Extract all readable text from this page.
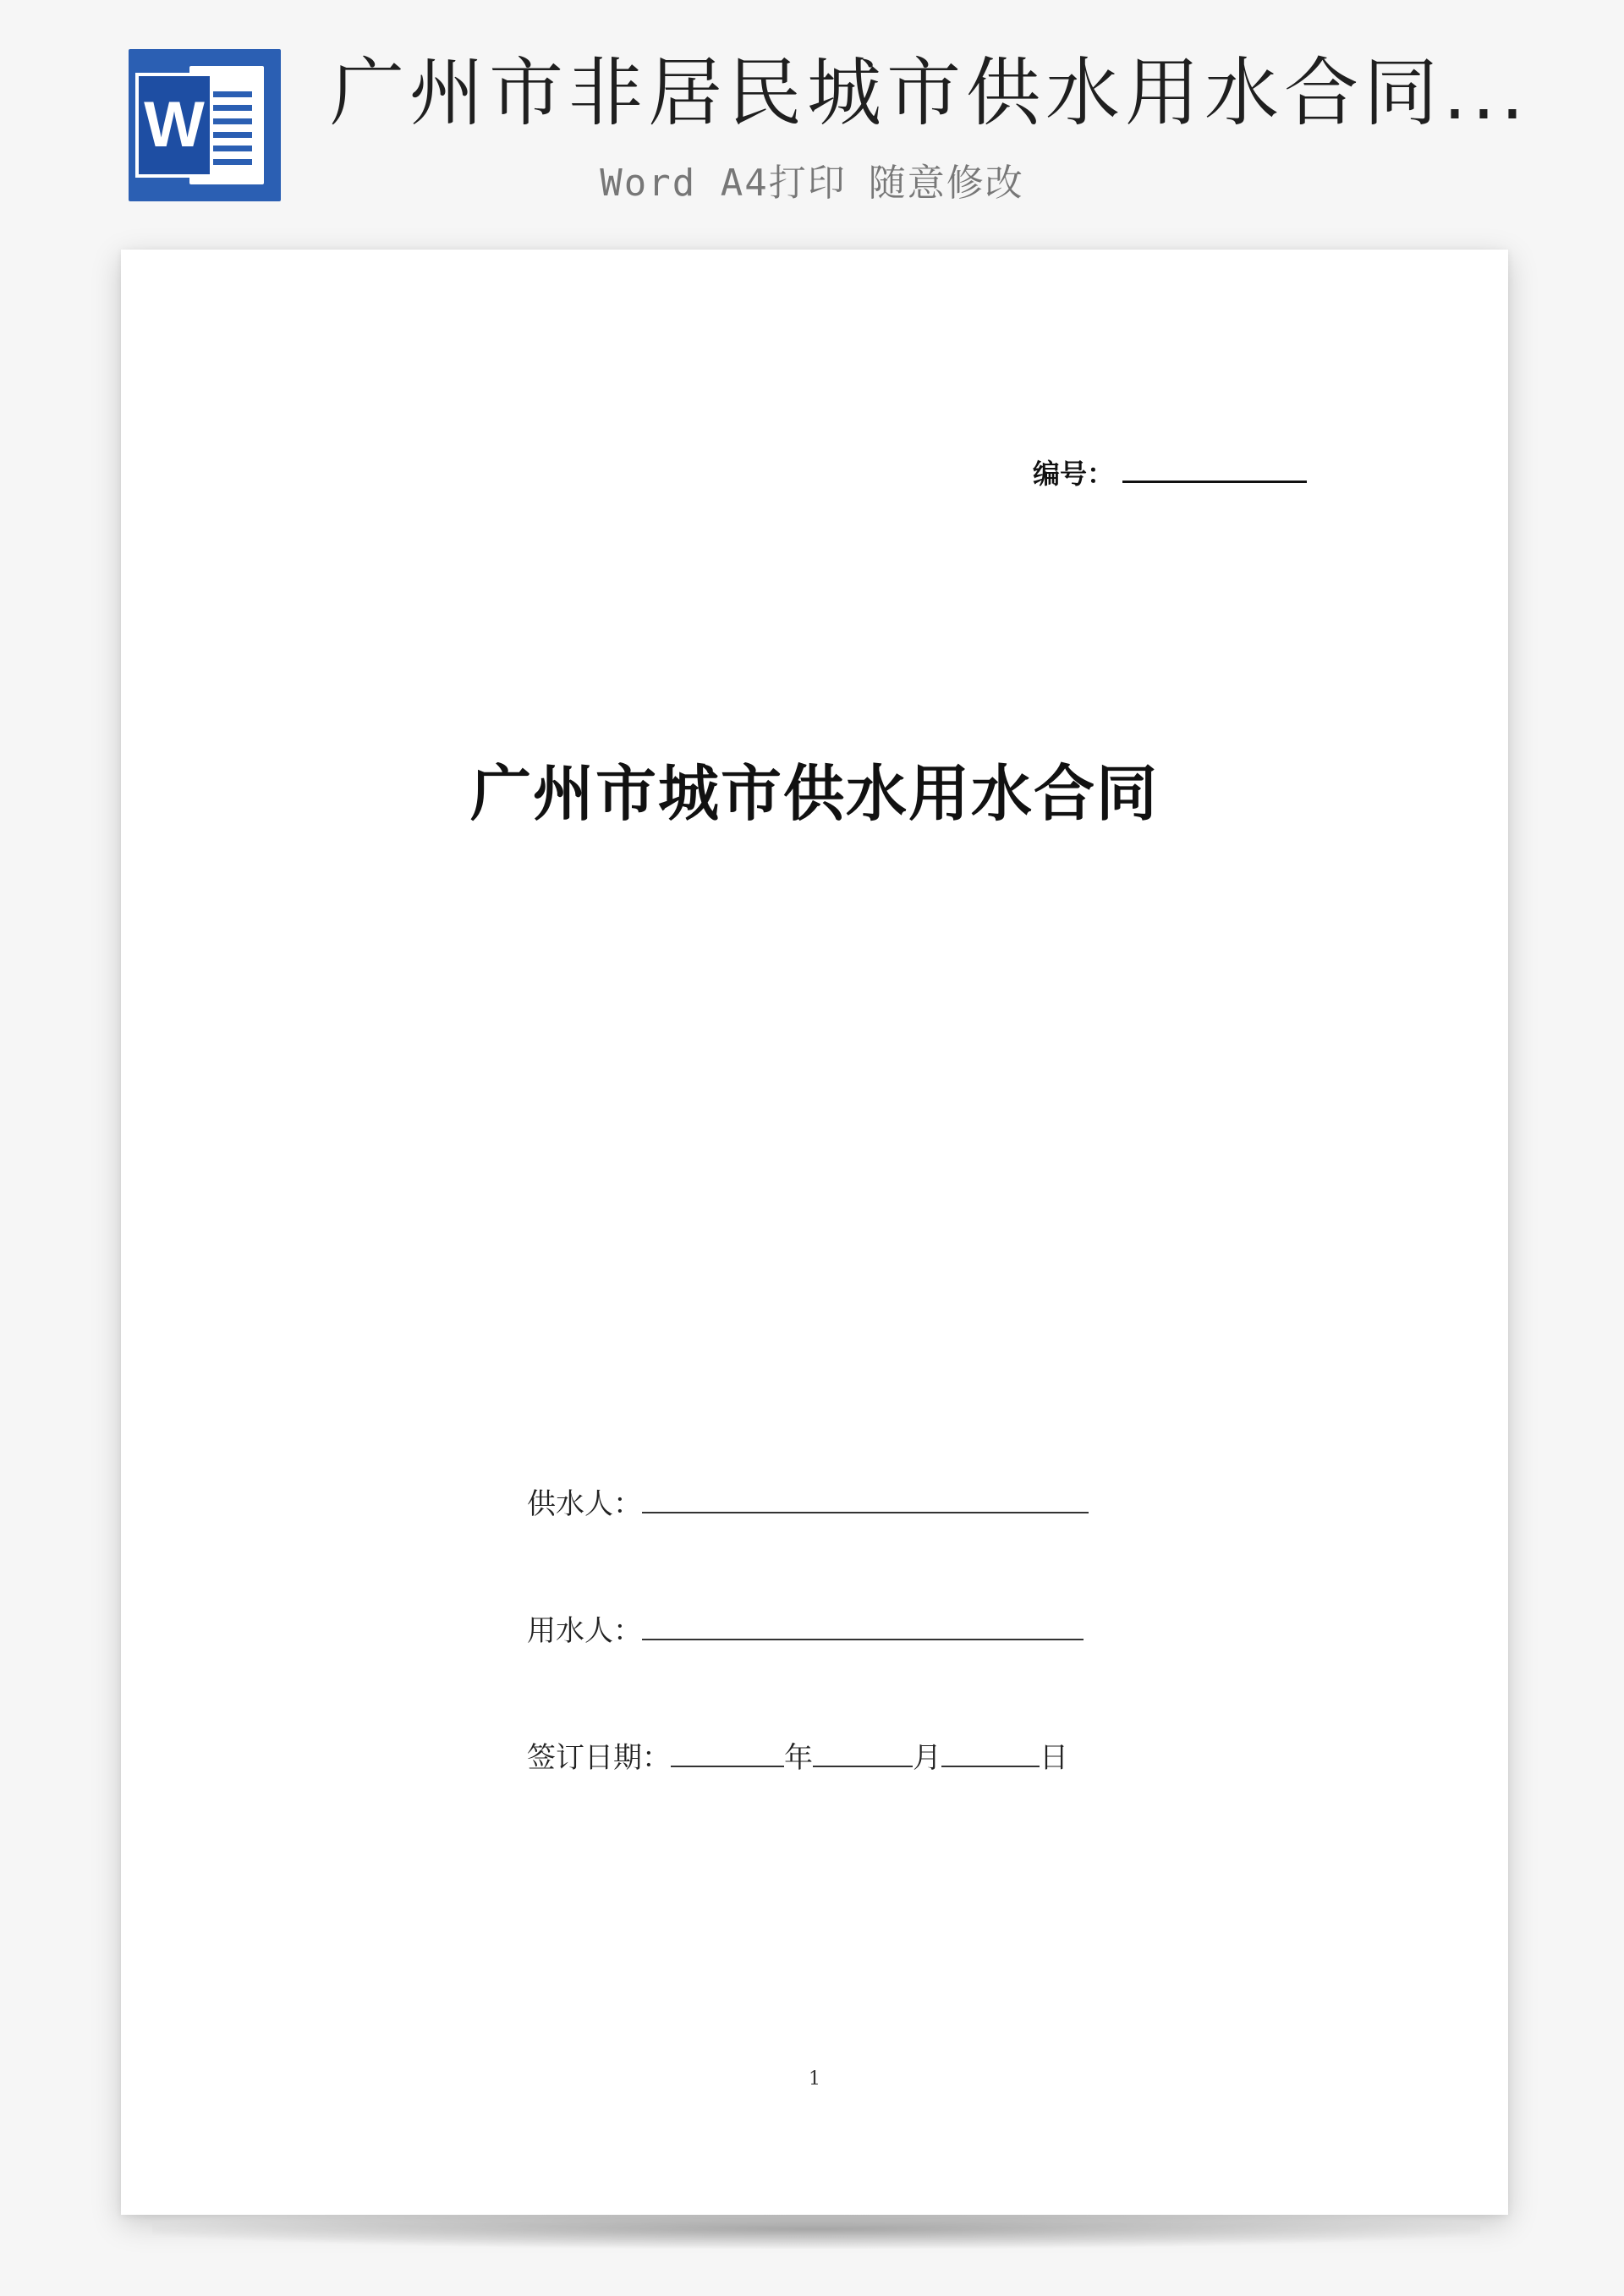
W 广州市非居民城市供水用水合同...
Word A4打印 随意修改
编号：
广州市城市供水用水合同
供水人：
用水人：
签订日期：	年	月	日
1
